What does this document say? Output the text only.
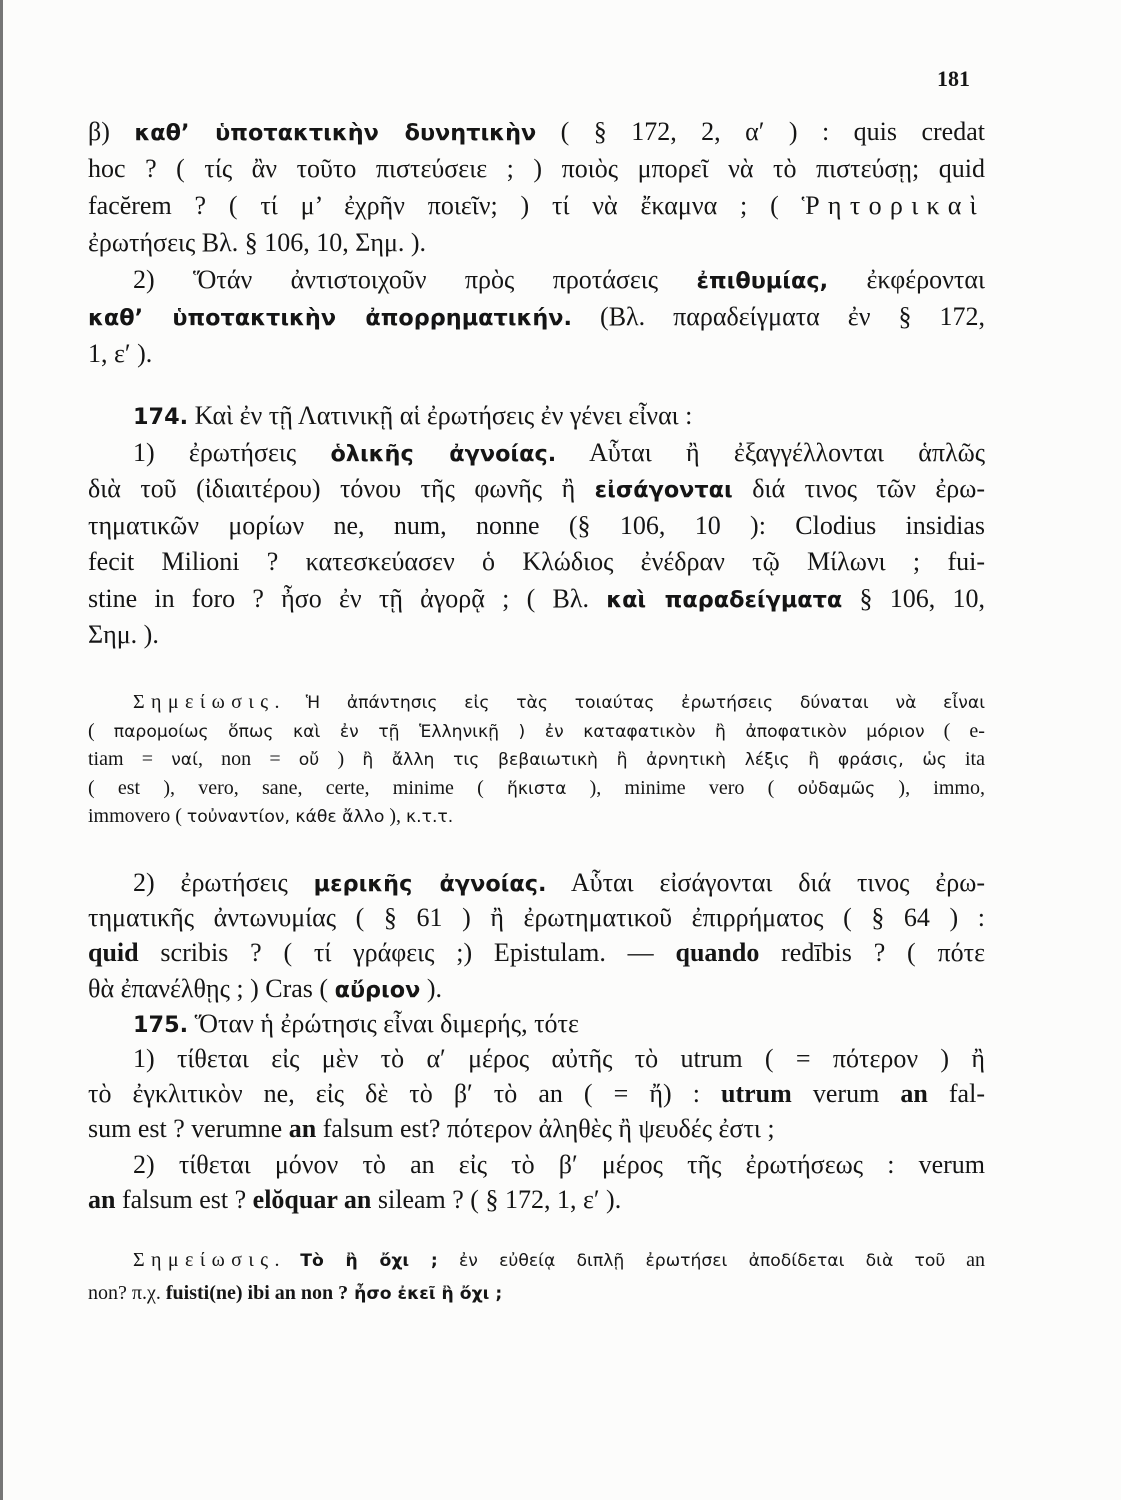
181
β) καθ’ ὑποτακτικὴν δυνητικὴν ( § 172, 2, α′ ) : quis credat
hoc ? ( τίς ἂν τοῦτο πιστεύσειε ; ) ποιὸς μπορεῖ νὰ τὸ πιστεύσῃ; quid
facĕrem ? ( τί μ’ ἐχρῆν ποιεῖν; ) τί νὰ ἔκαμνα ; ( Ῥητορικαὶ
ἐρωτήσεις Βλ. § 106, 10, Σημ. ).
2) Ὅτάν ἀντιστοιχοῦν πρὸς προτάσεις ἐπιθυμίας, ἐκφέρονται
καθ’ ὑποτακτικὴν ἀπορρηματικήν. (Βλ. παραδείγματα ἐν § 172,
1, ε′ ).
174. Καὶ ἐν τῇ Λατινικῇ αἱ ἐρωτήσεις ἐν γένει εἶναι :
1) ἐρωτήσεις ὁλικῆς ἀγνοίας. Αὗται ἢ ἐξαγγέλλονται ἁπλῶς
διὰ τοῦ (ἰδιαιτέρου) τόνου τῆς φωνῆς ἢ εἰσάγονται διά τινος τῶν ἐρω-
τηματικῶν μορίων ne, num, nonne (§ 106, 10 ): Clodius insidias
fecit Milioni ? κατεσκεύασεν ὁ Κλώδιος ἐνέδραν τῷ Μίλωνι ; fui-
stine in foro ? ἦσο ἐν τῇ ἀγορᾷ ; ( Βλ. καὶ παραδείγματα § 106, 10,
Σημ. ).
Σημείωσις. Ἡ ἀπάντησις εἰς τὰς τοιαύτας ἐρωτήσεις δύναται νὰ εἶναι
( παρομοίως ὅπως καὶ ἐν τῇ Ἑλληνικῇ ) ἐν καταφατικὸν ἢ ἀποφατικὸν μόριον ( e-
tiam = ναί, non = οὔ ) ἢ ἄλλη τις βεβαιωτικὴ ἢ ἀρνητικὴ λέξις ἢ φράσις, ὡς ita
( est ), vero, sane, certe, minime ( ἥκιστα ), minime vero ( οὐδαμῶς ), immo,
immovero ( τοὐναντίον, κάθε ἄλλο ), κ.τ.τ.
2) ἐρωτήσεις μερικῆς ἀγνοίας. Αὗται εἰσάγονται διά τινος ἐρω-
τηματικῆς ἀντωνυμίας ( § 61 ) ἢ ἐρωτηματικοῦ ἐπιρρήματος ( § 64 ) :
quid scribis ? ( τί γράφεις ;) Epistulam. — quando redībis ? ( πότε
θὰ ἐπανέλθῃς ; ) Cras ( αὔριον ).
175. Ὅταν ἡ ἐρώτησις εἶναι διμερής, τότε
1) τίθεται εἰς μὲν τὸ α′ μέρος αὐτῆς τὸ utrum ( = πότερον ) ἢ
τὸ ἐγκλιτικὸν ne, εἰς δὲ τὸ β′ τὸ an ( = ἤ) : utrum verum an fal-
sum est ? verumne an falsum est? πότερον ἀληθὲς ἢ ψευδές ἐστι ;
2) τίθεται μόνον τὸ an εἰς τὸ β′ μέρος τῆς ἐρωτήσεως : verum
an falsum est ? elŏquar an sileam ? ( § 172, 1, ε′ ).
Σημείωσις. Τὸ ἢ ὄχι ; ἐν εὐθείᾳ διπλῇ ἐρωτήσει ἀποδίδεται διὰ τοῦ an
non? π.χ. fuisti(ne) ibi an non ? ἦσο ἐκεῖ ἢ ὄχι ;
